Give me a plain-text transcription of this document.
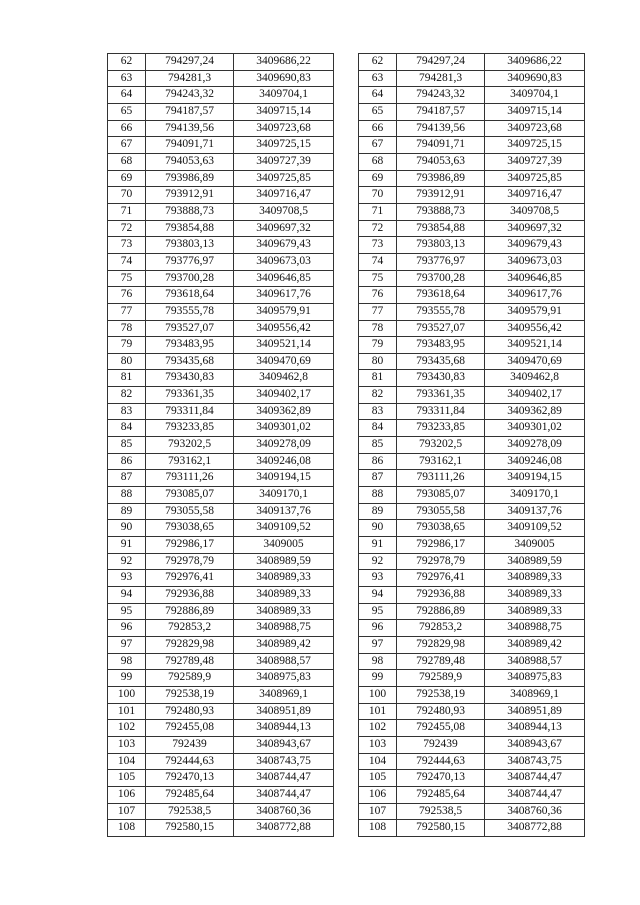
62	794297,24	3409686,22
63	794281,3	3409690,83
64	794243,32	3409704,1
65	794187,57	3409715,14
66	794139,56	3409723,68
67	794091,71	3409725,15
68	794053,63	3409727,39
69	793986,89	3409725,85
70	793912,91	3409716,47
71	793888,73	3409708,5
72	793854,88	3409697,32
73	793803,13	3409679,43
74	793776,97	3409673,03
75	793700,28	3409646,85
76	793618,64	3409617,76
77	793555,78	3409579,91
78	793527,07	3409556,42
79	793483,95	3409521,14
80	793435,68	3409470,69
81	793430,83	3409462,8
82	793361,35	3409402,17
83	793311,84	3409362,89
84	793233,85	3409301,02
85	793202,5	3409278,09
86	793162,1	3409246,08
87	793111,26	3409194,15
88	793085,07	3409170,1
89	793055,58	3409137,76
90	793038,65	3409109,52
91	792986,17	3409005
92	792978,79	3408989,59
93	792976,41	3408989,33
94	792936,88	3408989,33
95	792886,89	3408989,33
96	792853,2	3408988,75
97	792829,98	3408989,42
98	792789,48	3408988,57
99	792589,9	3408975,83
100	792538,19	3408969,1
101	792480,93	3408951,89
102	792455,08	3408944,13
103	792439	3408943,67
104	792444,63	3408743,75
105	792470,13	3408744,47
106	792485,64	3408744,47
107	792538,5	3408760,36
108	792580,15	3408772,88
62	794297,24	3409686,22
63	794281,3	3409690,83
64	794243,32	3409704,1
65	794187,57	3409715,14
66	794139,56	3409723,68
67	794091,71	3409725,15
68	794053,63	3409727,39
69	793986,89	3409725,85
70	793912,91	3409716,47
71	793888,73	3409708,5
72	793854,88	3409697,32
73	793803,13	3409679,43
74	793776,97	3409673,03
75	793700,28	3409646,85
76	793618,64	3409617,76
77	793555,78	3409579,91
78	793527,07	3409556,42
79	793483,95	3409521,14
80	793435,68	3409470,69
81	793430,83	3409462,8
82	793361,35	3409402,17
83	793311,84	3409362,89
84	793233,85	3409301,02
85	793202,5	3409278,09
86	793162,1	3409246,08
87	793111,26	3409194,15
88	793085,07	3409170,1
89	793055,58	3409137,76
90	793038,65	3409109,52
91	792986,17	3409005
92	792978,79	3408989,59
93	792976,41	3408989,33
94	792936,88	3408989,33
95	792886,89	3408989,33
96	792853,2	3408988,75
97	792829,98	3408989,42
98	792789,48	3408988,57
99	792589,9	3408975,83
100	792538,19	3408969,1
101	792480,93	3408951,89
102	792455,08	3408944,13
103	792439	3408943,67
104	792444,63	3408743,75
105	792470,13	3408744,47
106	792485,64	3408744,47
107	792538,5	3408760,36
108	792580,15	3408772,88
